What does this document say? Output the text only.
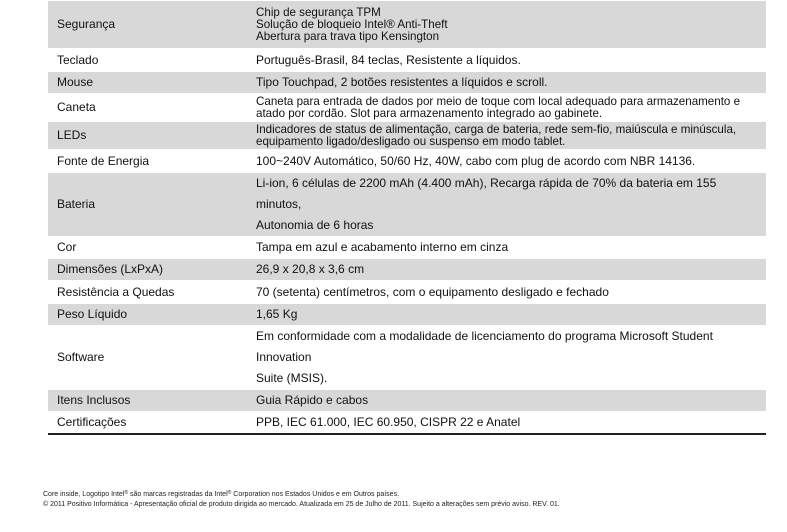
Segurança	Chip de segurança TPM
Solução de bloqueio Intel® Anti-Theft
Abertura para trava tipo Kensington

Teclado	Português-Brasil, 84 teclas, Resistente a líquidos.

Mouse	Tipo Touchpad, 2 botões resistentes a líquidos e scroll.

Caneta	Caneta para entrada de dados por meio de toque com local adequado para armazenamento e
atado por cordão. Slot para armazenamento integrado ao gabinete.

LEDs	Indicadores de status de alimentação, carga de bateria, rede sem-fio, maiúscula e minúscula,
equipamento ligado/desligado ou suspenso em modo tablet.

Fonte de Energia	100~240V Automático, 50/60 Hz, 40W, cabo com plug de acordo com NBR 14136.

Bateria	Li-ion, 6 células de 2200 mAh (4.400 mAh), Recarga rápida de 70% da bateria em 155 minutos,
Autonomia de 6 horas

Cor	Tampa em azul e acabamento interno em cinza

Dimensões (LxPxA)	26,9 x 20,8 x 3,6 cm

Resistência a Quedas	70 (setenta) centímetros, com o equipamento desligado e fechado

Peso Líquido	1,65 Kg

Software	Em conformidade com a modalidade de licenciamento do programa Microsoft Student Innovation
Suite (MSIS).

Itens Inclusos	Guia Rápido e cabos

Certificações	PPB, IEC 61.000, IEC 60.950, CISPR 22 e Anatel
Core inside, Logotipo Intel® são marcas registradas da Intel® Corporation nos Estados Unidos e em Outros países.
© 2011 Positivo Informática - Apresentação oficial de produto dirigida ao mercado. Atualizada em 25 de Julho de 2011. Sujeito a alterações sem prévio aviso. REV. 01.
